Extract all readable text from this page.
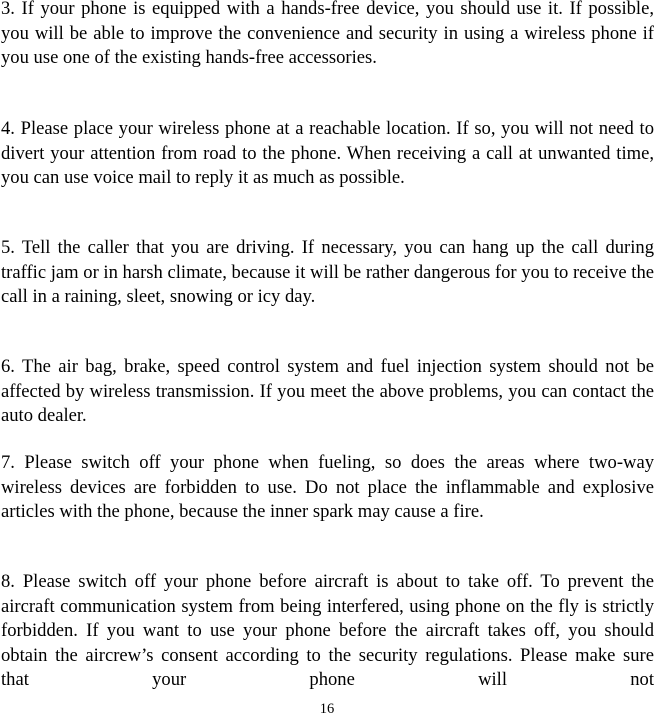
3. If your phone is equipped with a hands-free device, you should use it. If possible, you will be able to improve the convenience and security in using a wireless phone if you use one of the existing hands-free accessories.

4. Please place your wireless phone at a reachable location. If so, you will not need to divert your attention from road to the phone. When receiving a call at unwanted time, you can use voice mail to reply it as much as possible.

5. Tell the caller that you are driving. If necessary, you can hang up the call during traffic jam or in harsh climate, because it will be rather dangerous for you to receive the call in a raining, sleet, snowing or icy day.

6. The air bag, brake, speed control system and fuel injection system should not be affected by wireless transmission. If you meet the above problems, you can contact the auto dealer.

7. Please switch off your phone when fueling, so does the areas where two-way wireless devices are forbidden to use. Do not place the inflammable and explosive articles with the phone, because the inner spark may cause a fire.

8. Please switch off your phone before aircraft is about to take off. To prevent the aircraft communication system from being interfered, using phone on the fly is strictly forbidden. If you want to use your phone before the aircraft takes off, you should obtain the aircrew’s consent according to the security regulations. Please make sure that your phone will not

16
